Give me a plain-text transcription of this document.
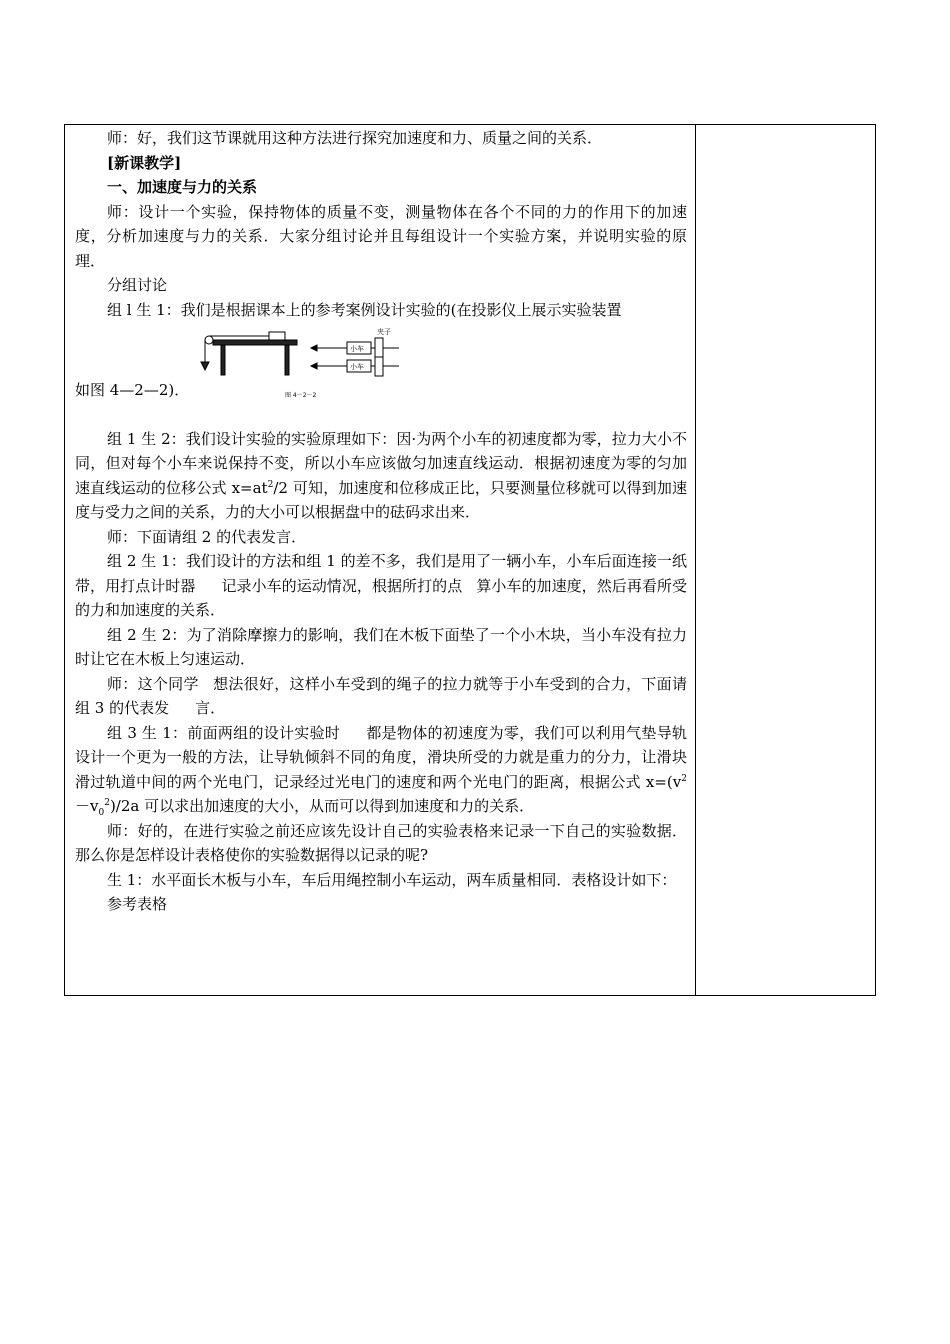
师：好，我们这节课就用这种方法进行探究加速度和力、质量之间的关系．

[新课教学]

一、加速度与力的关系

师：设计一个实验，保持物体的质量不变，测量物体在各个不同的力的作用下的加速度，分析加速度与力的关系．大家分组讨论并且每组设计一个实验方案，并说明实验的原理．

分组讨论

组 l 生 1：我们是根据课本上的参考案例设计实验的(在投影仪上展示实验装置

夹子
小车
小车
图 4－2－2

如图 4—2—2)．

组 1 生 2：我们设计实验的实验原理如下：因·为两个小车的初速度都为零，拉力大小不同，但对每个小车来说保持不变，所以小车应该做匀加速直线运动．根据初速度为零的匀加速直线运动的位移公式 $x=at^2/2$ 可知，加速度和位移成正比，只要测量位移就可以得到加速度与受力之间的关系，力的大小可以根据盘中的砝码求出来．

师：下面请组 2 的代表发言．

组 2 生 1：我们设计的方法和组 1 的差不多，我们是用了一辆小车，小车后面连接一纸带，用打点计时器 记录小车的运动情况，根据所打的点 算小车的加速度，然后再看所受的力和加速度的关系．

组 2 生 2：为了消除摩擦力的影响，我们在木板下面垫了一个小木块，当小车没有拉力时让它在木板上匀速运动．

师：这个同学 想法很好，这样小车受到的绳子的拉力就等于小车受到的合力，下面请组 3 的代表发 言．

组 3 生 1：前面两组的设计实验时 都是物体的初速度为零，我们可以利用气垫导轨设计一个更为一般的方法，让导轨倾斜不同的角度，滑块所受的力就是重力的分力，让滑块滑过轨道中间的两个光电门，记录经过光电门的速度和两个光电门的距离，根据公式 $x=(v^2-v_0^2)/2a$ 可以求出加速度的大小，从而可以得到加速度和力的关系．

师：好的，在进行实验之前还应该先设计自己的实验表格来记录一下自己的实验数据．那么你是怎样设计表格使你的实验数据得以记录的呢?

生 1：水平面长木板与小车，车后用绳控制小车运动，两车质量相同．表格设计如下：

参考表格
